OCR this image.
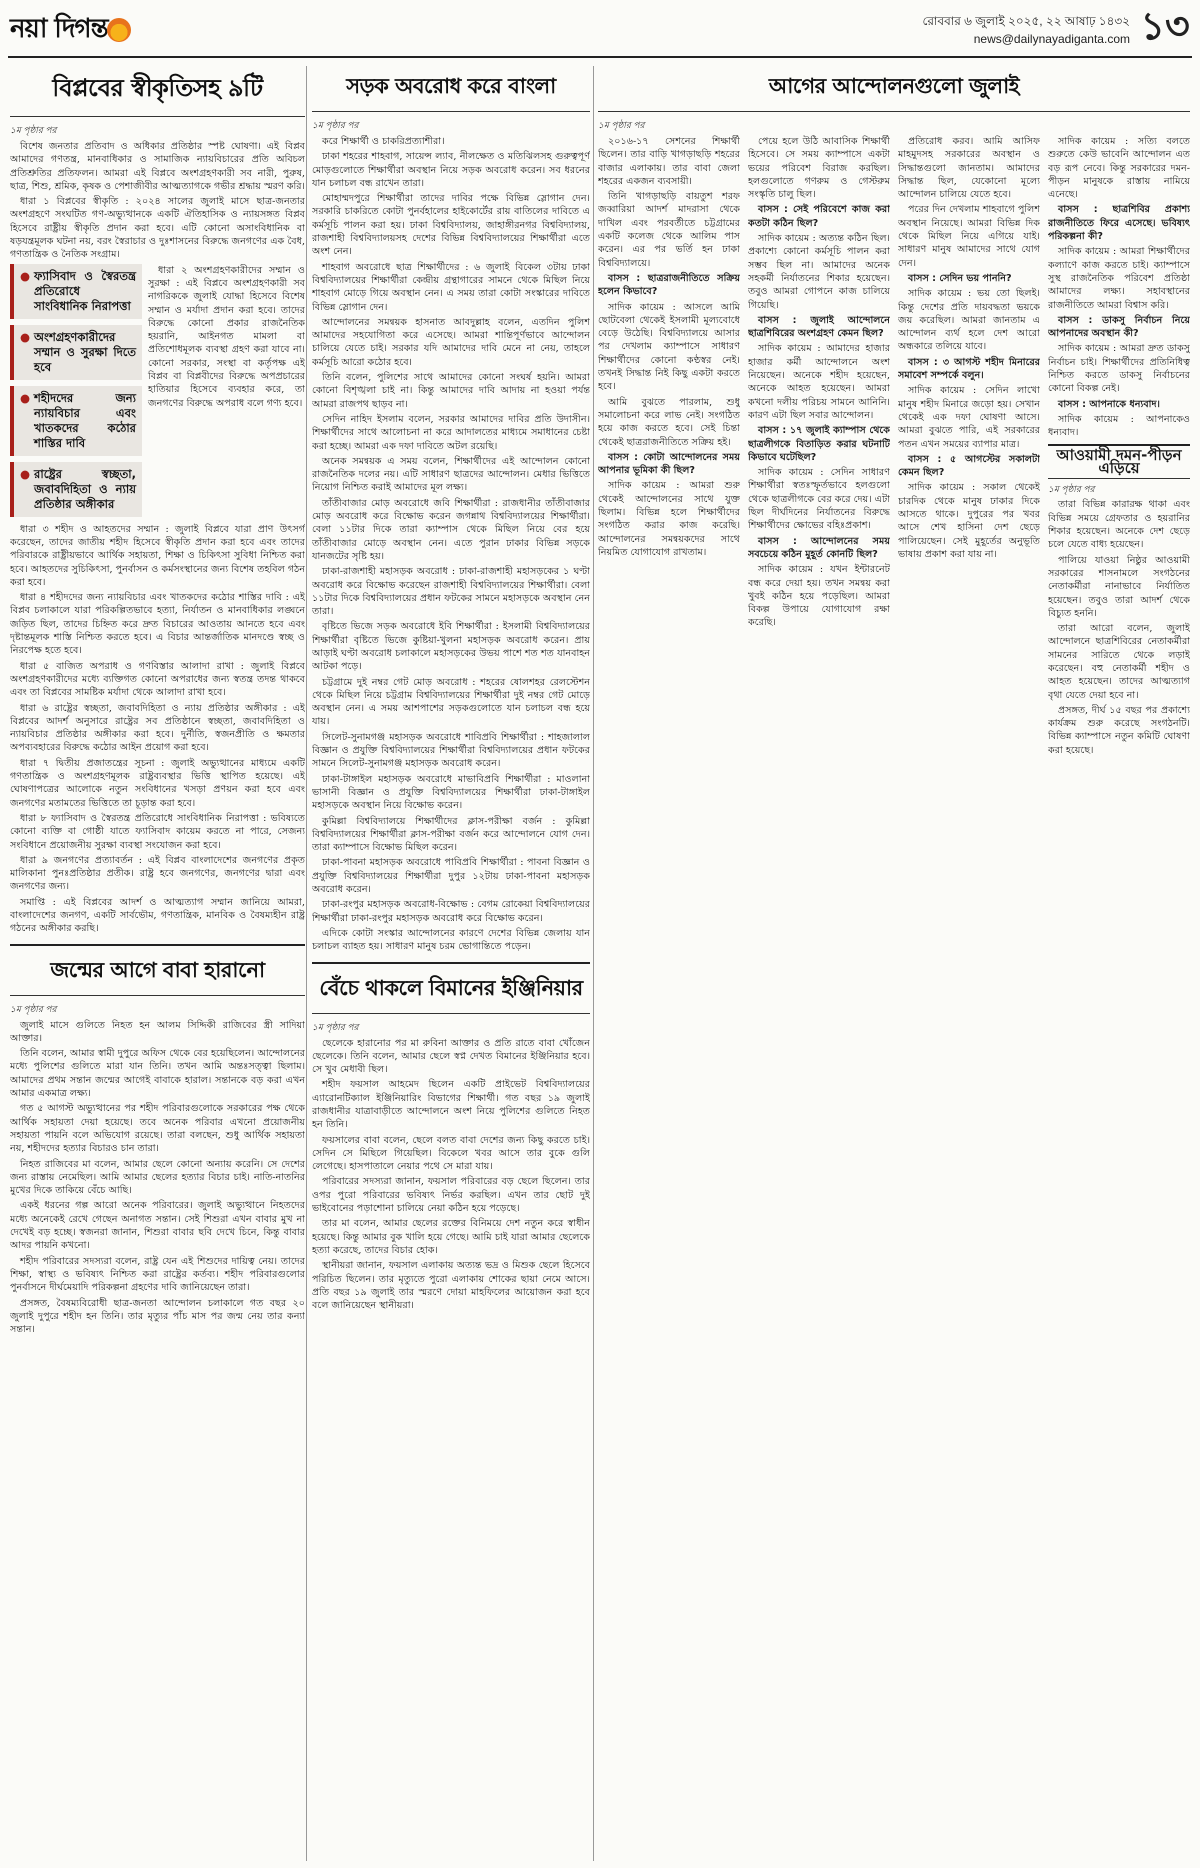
নয়া দিগন্ত	রোববার ৬ জুলাই ২০২৫, ২২ আষাঢ় ১৪৩২
news@dailynayadiganta.com ১৩
বিপ্লবের স্বীকৃতিসহ ৯টি
১ম পৃষ্ঠার পর

বিশেষ জনতার প্রতিবাদ ও অধিকার প্রতিষ্ঠার স্পষ্ট ঘোষণা। এই বিপ্লব আমাদের গণতন্ত্র, মানবাধিকার ও সামাজিক ন্যায়বিচারের প্রতি অবিচল প্রতিশ্রুতির প্রতিফলন। আমরা এই বিপ্লবে অংশগ্রহণকারী সব নারী, পুরুষ, ছাত্র, শিশু, শ্রমিক, কৃষক ও পেশাজীবীর আত্মত্যাগকে গভীর শ্রদ্ধায় স্মরণ করি।

ধারা ১ বিপ্লবের স্বীকৃতি : ২০২৪ সালের জুলাই মাসে ছাত্র-জনতার অংশগ্রহণে সংঘটিত গণ-অভ্যুত্থানকে একটি ঐতিহাসিক ও ন্যায়সঙ্গত বিপ্লব হিসেবে রাষ্ট্রীয় স্বীকৃতি প্রদান করা হবে। এটি কোনো অসাংবিধানিক বা ষড়যন্ত্রমূলক ঘটনা নয়, বরং স্বৈরাচার ও দুঃশাসনের বিরুদ্ধে জনগণের এক বৈধ, গণতান্ত্রিক ও নৈতিক সংগ্রাম।

● ফ্যাসিবাদ ও স্বৈরতন্ত্র প্রতিরোধে সাংবিধানিক নিরাপত্তা
● অংশগ্রহণকারীদের সম্মান ও সুরক্ষা দিতে হবে
● শহীদদের জন্য ন্যায়বিচার এবং খাতকদের কঠোর শাস্তির দাবি
● রাষ্ট্রের স্বচ্ছতা, জবাবদিহিতা ও ন্যায় প্রতিষ্ঠার অঙ্গীকার

ধারা ২ অংশগ্রহণকারীদের সম্মান ও সুরক্ষা : এই বিপ্লবে অংশগ্রহণকারী সব নাগরিককে জুলাই যোদ্ধা হিসেবে বিশেষ সম্মান ও মর্যাদা প্রদান করা হবে। তাদের বিরুদ্ধে কোনো প্রকার রাজনৈতিক হয়রানি, আইনগত মামলা বা প্রতিশোধমূলক ব্যবস্থা গ্রহণ করা যাবে না। কোনো সরকার, সংস্থা বা কর্তৃপক্ষ এই বিপ্লব বা বিপ্লবীদের বিরুদ্ধে অপপ্রচারের হাতিয়ার হিসেবে ব্যবহার করে, তা জনগণের বিরুদ্ধে অপরাধ বলে গণ্য হবে।

ধারা ৩ শহীদ ও আহতদের সম্মান : জুলাই বিপ্লবে যারা প্রাণ উৎসর্গ করেছেন, তাদের জাতীয় শহীদ হিসেবে স্বীকৃতি প্রদান করা হবে এবং তাদের পরিবারকে রাষ্ট্রীয়ভাবে আর্থিক সহায়তা, শিক্ষা ও চিকিৎসা সুবিধা নিশ্চিত করা হবে। আহতদের সুচিকিৎসা, পুনর্বাসন ও কর্মসংস্থানের জন্য বিশেষ তহবিল গঠন করা হবে।

ধারা ৪ শহীদদের জন্য ন্যায়বিচার এবং খাতকদের কঠোর শাস্তির দাবি : এই বিপ্লব চলাকালে যারা পরিকল্পিতভাবে হত্যা, নির্যাতন ও মানবাধিকার লঙ্ঘনে জড়িত ছিল, তাদের চিহ্নিত করে দ্রুত বিচারের আওতায় আনতে হবে এবং দৃষ্টান্তমূলক শাস্তি নিশ্চিত করতে হবে। এ বিচার আন্তর্জাতিক মানদণ্ডে স্বচ্ছ ও নিরপেক্ষ হতে হবে।

ধারা ৫ বাজিত অপরাধ ও গণবিস্তার আলাদা রাখা : জুলাই বিপ্লবে অংশগ্রহণকারীদের মধ্যে ব্যক্তিগত কোনো অপরাধের জন্য স্বতন্ত্র তদন্ত থাকবে এবং তা বিপ্লবের সামষ্টিক মর্যাদা থেকে আলাদা রাখা হবে।

ধারা ৬ রাষ্ট্রের স্বচ্ছতা, জবাবদিহিতা ও ন্যায় প্রতিষ্ঠার অঙ্গীকার : এই বিপ্লবের আদর্শ অনুসারে রাষ্ট্রের সব প্রতিষ্ঠানে স্বচ্ছতা, জবাবদিহিতা ও ন্যায়বিচার প্রতিষ্ঠার অঙ্গীকার করা হবে। দুর্নীতি, স্বজনপ্রীতি ও ক্ষমতার অপব্যবহারের বিরুদ্ধে কঠোর আইন প্রয়োগ করা হবে।

ধারা ৭ দ্বিতীয় প্রজাতন্ত্রের সূচনা : জুলাই অভ্যুত্থানের মাধ্যমে একটি গণতান্ত্রিক ও অংশগ্রহণমূলক রাষ্ট্রব্যবস্থার ভিত্তি স্থাপিত হয়েছে। এই ঘোষণাপত্রের আলোকে নতুন সংবিধানের খসড়া প্রণয়ন করা হবে এবং জনগণের মতামতের ভিত্তিতে তা চূড়ান্ত করা হবে।

ধারা ৮ ফ্যাসিবাদ ও স্বৈরতন্ত্র প্রতিরোধে সাংবিধানিক নিরাপত্তা : ভবিষ্যতে কোনো ব্যক্তি বা গোষ্ঠী যাতে ফ্যাসিবাদ কায়েম করতে না পারে, সেজন্য সংবিধানে প্রয়োজনীয় সুরক্ষা ব্যবস্থা সংযোজন করা হবে।

ধারা ৯ জনগণের প্রত্যাবর্তন : এই বিপ্লব বাংলাদেশের জনগণের প্রকৃত মালিকানা পুনঃপ্রতিষ্ঠার প্রতীক। রাষ্ট্র হবে জনগণের, জনগণের দ্বারা এবং জনগণের জন্য।

সমাপ্তি : এই বিপ্লবের আদর্শ ও আত্মত্যাগ সম্মান জানিয়ে আমরা, বাংলাদেশের জনগণ, একটি সার্বভৌম, গণতান্ত্রিক, মানবিক ও বৈষম্যহীন রাষ্ট্র গঠনের অঙ্গীকার করছি।

জন্মের আগে বাবা হারানো
১ম পৃষ্ঠার পর

জুলাই মাসে গুলিতে নিহত হন আলম সিদ্দিকী রাজিবের স্ত্রী সাদিয়া আক্তার।

তিনি বলেন, আমার স্বামী দুপুরে অফিস থেকে বের হয়েছিলেন। আন্দোলনের মধ্যে পুলিশের গুলিতে মারা যান তিনি। তখন আমি অন্তঃসত্ত্বা ছিলাম। আমাদের প্রথম সন্তান জন্মের আগেই বাবাকে হারাল। সন্তানকে বড় করা এখন আমার একমাত্র লক্ষ্য।

গত ৫ আগস্ট অভ্যুত্থানের পর শহীদ পরিবারগুলোকে সরকারের পক্ষ থেকে আর্থিক সহায়তা দেয়া হয়েছে। তবে অনেক পরিবার এখনো প্রয়োজনীয় সহায়তা পায়নি বলে অভিযোগ রয়েছে। তারা বলছেন, শুধু আর্থিক সহায়তা নয়, শহীদদের হত্যার বিচারও চান তারা।

নিহত রাজিবের মা বলেন, আমার ছেলে কোনো অন্যায় করেনি। সে দেশের জন্য রাস্তায় নেমেছিল। আমি আমার ছেলের হত্যার বিচার চাই। নাতি-নাতনির মুখের দিকে তাকিয়ে বেঁচে আছি।

একই ধরনের গল্প আরো অনেক পরিবারের। জুলাই অভ্যুত্থানে নিহতদের মধ্যে অনেকেই রেখে গেছেন অনাগত সন্তান। সেই শিশুরা এখন বাবার মুখ না দেখেই বড় হচ্ছে। স্বজনরা জানান, শিশুরা বাবার ছবি দেখে চিনে, কিন্তু বাবার আদর পায়নি কখনো।

শহীদ পরিবারের সদস্যরা বলেন, রাষ্ট্র যেন এই শিশুদের দায়িত্ব নেয়। তাদের শিক্ষা, স্বাস্থ্য ও ভবিষ্যৎ নিশ্চিত করা রাষ্ট্রের কর্তব্য। শহীদ পরিবারগুলোর পুনর্বাসনে দীর্ঘমেয়াদি পরিকল্পনা গ্রহণের দাবি জানিয়েছেন তারা।

প্রসঙ্গত, বৈষম্যবিরোধী ছাত্র-জনতা আন্দোলন চলাকালে গত বছর ২০ জুলাই দুপুরে শহীদ হন তিনি। তার মৃত্যুর পাঁচ মাস পর জন্ম নেয় তার কন্যা সন্তান।

সড়ক অবরোধ করে বাংলা
১ম পৃষ্ঠার পর

করে শিক্ষার্থী ও চাকরিপ্রত্যাশীরা।

ঢাকা শহরের শাহবাগ, সায়েন্স ল্যাব, নীলক্ষেত ও মতিঝিলসহ গুরুত্বপূর্ণ মোড়গুলোতে শিক্ষার্থীরা অবস্থান নিয়ে সড়ক অবরোধ করেন। সব ধরনের যান চলাচল বন্ধ রাখেন তারা।

মোহাম্মদপুরে শিক্ষার্থীরা তাদের দাবির পক্ষে বিভিন্ন স্লোগান দেন। সরকারি চাকরিতে কোটা পুনর্বহালের হাইকোর্টের রায় বাতিলের দাবিতে এ কর্মসূচি পালন করা হয়। ঢাকা বিশ্ববিদ্যালয়, জাহাঙ্গীরনগর বিশ্ববিদ্যালয়, রাজশাহী বিশ্ববিদ্যালয়সহ দেশের বিভিন্ন বিশ্ববিদ্যালয়ের শিক্ষার্থীরা এতে অংশ নেন।

শাহবাগ অবরোধে ছাত্র শিক্ষার্থীদের : ৬ জুলাই বিকেল ৩টায় ঢাকা বিশ্ববিদ্যালয়ের শিক্ষার্থীরা কেন্দ্রীয় গ্রন্থাগারের সামনে থেকে মিছিল নিয়ে শাহবাগ মোড়ে গিয়ে অবস্থান নেন। এ সময় তারা কোটা সংস্কারের দাবিতে বিভিন্ন স্লোগান দেন।

আন্দোলনের সমন্বয়ক হাসনাত আবদুল্লাহ বলেন, এতদিন পুলিশ আমাদের সহযোগিতা করে এসেছে। আমরা শান্তিপূর্ণভাবে আন্দোলন চালিয়ে যেতে চাই। সরকার যদি আমাদের দাবি মেনে না নেয়, তাহলে কর্মসূচি আরো কঠোর হবে।

তিনি বলেন, পুলিশের সাথে আমাদের কোনো সংঘর্ষ হয়নি। আমরা কোনো বিশৃঙ্খলা চাই না। কিন্তু আমাদের দাবি আদায় না হওয়া পর্যন্ত আমরা রাজপথ ছাড়ব না।

সেদিন নাহিদ ইসলাম বলেন, সরকার আমাদের দাবির প্রতি উদাসীন। শিক্ষার্থীদের সাথে আলোচনা না করে আদালতের মাধ্যমে সমাধানের চেষ্টা করা হচ্ছে। আমরা এক দফা দাবিতে অটল রয়েছি।

অনেক সমন্বয়ক এ সময় বলেন, শিক্ষার্থীদের এই আন্দোলন কোনো রাজনৈতিক দলের নয়। এটি সাধারণ ছাত্রদের আন্দোলন। মেধার ভিত্তিতে নিয়োগ নিশ্চিত করাই আমাদের মূল লক্ষ্য।

তাঁতীবাজার মোড় অবরোধে জবি শিক্ষার্থীরা : রাজধানীর তাঁতীবাজার মোড় অবরোধ করে বিক্ষোভ করেন জগন্নাথ বিশ্ববিদ্যালয়ের শিক্ষার্থীরা। বেলা ১১টার দিকে তারা ক্যাম্পাস থেকে মিছিল নিয়ে বের হয়ে তাঁতীবাজার মোড়ে অবস্থান নেন। এতে পুরান ঢাকার বিভিন্ন সড়কে যানজটের সৃষ্টি হয়।

ঢাকা-রাজশাহী মহাসড়ক অবরোধ : ঢাকা-রাজশাহী মহাসড়কের ১ ঘণ্টা অবরোধ করে বিক্ষোভ করেছেন রাজশাহী বিশ্ববিদ্যালয়ের শিক্ষার্থীরা। বেলা ১১টার দিকে বিশ্ববিদ্যালয়ের প্রধান ফটকের সামনে মহাসড়কে অবস্থান নেন তারা।

বৃষ্টিতে ভিজে সড়ক অবরোধে ইবি শিক্ষার্থীরা : ইসলামী বিশ্ববিদ্যালয়ের শিক্ষার্থীরা বৃষ্টিতে ভিজে কুষ্টিয়া-খুলনা মহাসড়ক অবরোধ করেন। প্রায় আড়াই ঘণ্টা অবরোধ চলাকালে মহাসড়কের উভয় পাশে শত শত যানবাহন আটকা পড়ে।

চট্টগ্রামে দুই নম্বর গেট মোড় অবরোধ : শহরের ষোলশহর রেলস্টেশন থেকে মিছিল নিয়ে চট্টগ্রাম বিশ্ববিদ্যালয়ের শিক্ষার্থীরা দুই নম্বর গেট মোড়ে অবস্থান নেন। এ সময় আশপাশের সড়কগুলোতে যান চলাচল বন্ধ হয়ে যায়।

সিলেট-সুনামগঞ্জ মহাসড়ক অবরোধে শাবিপ্রবি শিক্ষার্থীরা : শাহজালাল বিজ্ঞান ও প্রযুক্তি বিশ্ববিদ্যালয়ের শিক্ষার্থীরা বিশ্ববিদ্যালয়ের প্রধান ফটকের সামনে সিলেট-সুনামগঞ্জ মহাসড়ক অবরোধ করেন।

ঢাকা-টাঙ্গাইল মহাসড়ক অবরোধে মাভাবিপ্রবি শিক্ষার্থীরা : মাওলানা ভাসানী বিজ্ঞান ও প্রযুক্তি বিশ্ববিদ্যালয়ের শিক্ষার্থীরা ঢাকা-টাঙ্গাইল মহাসড়কে অবস্থান নিয়ে বিক্ষোভ করেন।

কুমিল্লা বিশ্ববিদ্যালয়ে শিক্ষার্থীদের ক্লাস-পরীক্ষা বর্জন : কুমিল্লা বিশ্ববিদ্যালয়ের শিক্ষার্থীরা ক্লাস-পরীক্ষা বর্জন করে আন্দোলনে যোগ দেন। তারা ক্যাম্পাসে বিক্ষোভ মিছিল করেন।

ঢাকা-পাবনা মহাসড়ক অবরোধে পাবিপ্রবি শিক্ষার্থীরা : পাবনা বিজ্ঞান ও প্রযুক্তি বিশ্ববিদ্যালয়ের শিক্ষার্থীরা দুপুর ১২টায় ঢাকা-পাবনা মহাসড়ক অবরোধ করেন।

ঢাকা-রংপুর মহাসড়ক অবরোধ-বিক্ষোভ : বেগম রোকেয়া বিশ্ববিদ্যালয়ের শিক্ষার্থীরা ঢাকা-রংপুর মহাসড়ক অবরোধ করে বিক্ষোভ করেন।

এদিকে কোটা সংস্কার আন্দোলনের কারণে দেশের বিভিন্ন জেলায় যান চলাচল ব্যাহত হয়। সাধারণ মানুষ চরম ভোগান্তিতে পড়েন।

বেঁচে থাকলে বিমানের ইঞ্জিনিয়ার
১ম পৃষ্ঠার পর

ছেলেকে হারানোর পর মা রুবিনা আক্তার ও প্রতি রাতে বাবা খোঁজেন ছেলেকে। তিনি বলেন, আমার ছেলে স্বপ্ন দেখত বিমানের ইঞ্জিনিয়ার হবে। সে খুব মেধাবী ছিল।

শহীদ ফয়সাল আহমেদ ছিলেন একটি প্রাইভেট বিশ্ববিদ্যালয়ের এ্যারোনটিক্যাল ইঞ্জিনিয়ারিং বিভাগের শিক্ষার্থী। গত বছর ১৯ জুলাই রাজধানীর যাত্রাবাড়ীতে আন্দোলনে অংশ নিয়ে পুলিশের গুলিতে নিহত হন তিনি।

ফয়সালের বাবা বলেন, ছেলে বলত বাবা দেশের জন্য কিছু করতে চাই। সেদিন সে মিছিলে গিয়েছিল। বিকেলে খবর আসে তার বুকে গুলি লেগেছে। হাসপাতালে নেয়ার পথে সে মারা যায়।

পরিবারের সদস্যরা জানান, ফয়সাল পরিবারের বড় ছেলে ছিলেন। তার ওপর পুরো পরিবারের ভবিষ্যৎ নির্ভর করছিল। এখন তার ছোট দুই ভাইবোনের পড়াশোনা চালিয়ে নেয়া কঠিন হয়ে পড়েছে।

তার মা বলেন, আমার ছেলের রক্তের বিনিময়ে দেশ নতুন করে স্বাধীন হয়েছে। কিন্তু আমার বুক খালি হয়ে গেছে। আমি চাই যারা আমার ছেলেকে হত্যা করেছে, তাদের বিচার হোক।

স্থানীয়রা জানান, ফয়সাল এলাকায় অত্যন্ত ভদ্র ও মিশুক ছেলে হিসেবে পরিচিত ছিলেন। তার মৃত্যুতে পুরো এলাকায় শোকের ছায়া নেমে আসে। প্রতি বছর ১৯ জুলাই তার স্মরণে দোয়া মাহফিলের আয়োজন করা হবে বলে জানিয়েছেন স্থানীয়রা।

আগের আন্দোলনগুলো জুলাই
১ম পৃষ্ঠার পর

২০১৬-১৭ সেশনের শিক্ষার্থী ছিলেন। তার বাড়ি খাগড়াছড়ি শহরের বাজার এলাকায়। তার বাবা জেলা শহরের একজন ব্যবসায়ী।

তিনি খাগড়াছড়ি বায়তুশ শরফ জব্বারিয়া আদর্শ মাদরাসা থেকে দাখিল এবং পরবর্তীতে চট্টগ্রামের একটি কলেজ থেকে আলিম পাস করেন। এর পর ভর্তি হন ঢাকা বিশ্ববিদ্যালয়ে।

বাসস : ছাত্ররাজনীতিতে সক্রিয় হলেন কিভাবে?

সাদিক কায়েম : আসলে আমি ছোটবেলা থেকেই ইসলামী মূল্যবোধে বেড়ে উঠেছি। বিশ্ববিদ্যালয়ে আসার পর দেখলাম ক্যাম্পাসে সাধারণ শিক্ষার্থীদের কোনো কণ্ঠস্বর নেই। তখনই সিদ্ধান্ত নিই কিছু একটা করতে হবে।

আমি বুঝতে পারলাম, শুধু সমালোচনা করে লাভ নেই। সংগঠিত হয়ে কাজ করতে হবে। সেই চিন্তা থেকেই ছাত্ররাজনীতিতে সক্রিয় হই।

বাসস : কোটা আন্দোলনের সময় আপনার ভূমিকা কী ছিল?

সাদিক কায়েম : আমরা শুরু থেকেই আন্দোলনের সাথে যুক্ত ছিলাম। বিভিন্ন হলে শিক্ষার্থীদের সংগঠিত করার কাজ করেছি। আন্দোলনের সমন্বয়কদের সাথে নিয়মিত যোগাযোগ রাখতাম।

পেয়ে হলে উঠি আবাসিক শিক্ষার্থী হিসেবে। সে সময় ক্যাম্পাসে একটা ভয়ের পরিবেশ বিরাজ করছিল। হলগুলোতে গণরুম ও গেস্টরুম সংস্কৃতি চালু ছিল।

বাসস : সেই পরিবেশে কাজ করা কতটা কঠিন ছিল?

সাদিক কায়েম : অত্যন্ত কঠিন ছিল। প্রকাশ্যে কোনো কর্মসূচি পালন করা সম্ভব ছিল না। আমাদের অনেক সহকর্মী নির্যাতনের শিকার হয়েছেন। তবুও আমরা গোপনে কাজ চালিয়ে গিয়েছি।

বাসস : জুলাই আন্দোলনে ছাত্রশিবিরের অংশগ্রহণ কেমন ছিল?

সাদিক কায়েম : আমাদের হাজার হাজার কর্মী আন্দোলনে অংশ নিয়েছেন। অনেকে শহীদ হয়েছেন, অনেকে আহত হয়েছেন। আমরা কখনো দলীয় পরিচয় সামনে আনিনি। কারণ এটা ছিল সবার আন্দোলন।

বাসস : ১৭ জুলাই ক্যাম্পাস থেকে ছাত্রলীগকে বিতাড়িত করার ঘটনাটি কিভাবে ঘটেছিল?

সাদিক কায়েম : সেদিন সাধারণ শিক্ষার্থীরা স্বতঃস্ফূর্তভাবে হলগুলো থেকে ছাত্রলীগকে বের করে দেয়। এটা ছিল দীর্ঘদিনের নির্যাতনের বিরুদ্ধে শিক্ষার্থীদের ক্ষোভের বহিঃপ্রকাশ।

বাসস : আন্দোলনের সময় সবচেয়ে কঠিন মুহূর্ত কোনটি ছিল?

সাদিক কায়েম : যখন ইন্টারনেট বন্ধ করে দেয়া হয়। তখন সমন্বয় করা খুবই কঠিন হয়ে পড়েছিল। আমরা বিকল্প উপায়ে যোগাযোগ রক্ষা করেছি।

প্রতিরোধ করব। আমি আসিফ মাহমুদসহ সরকারের অবস্থান ও সিদ্ধান্তগুলো জানতাম। আমাদের সিদ্ধান্ত ছিল, যেকোনো মূল্যে আন্দোলন চালিয়ে যেতে হবে।

পরের দিন দেখলাম শাহবাগে পুলিশ অবস্থান নিয়েছে। আমরা বিভিন্ন দিক থেকে মিছিল নিয়ে এগিয়ে যাই। সাধারণ মানুষ আমাদের সাথে যোগ দেন।

বাসস : সেদিন ভয় পাননি?

সাদিক কায়েম : ভয় তো ছিলই। কিন্তু দেশের প্রতি দায়বদ্ধতা ভয়কে জয় করেছিল। আমরা জানতাম এ আন্দোলন ব্যর্থ হলে দেশ আরো অন্ধকারে তলিয়ে যাবে।

বাসস : ৩ আগস্ট শহীদ মিনারের সমাবেশ সম্পর্কে বলুন।

সাদিক কায়েম : সেদিন লাখো মানুষ শহীদ মিনারে জড়ো হয়। সেখান থেকেই এক দফা ঘোষণা আসে। আমরা বুঝতে পারি, এই সরকারের পতন এখন সময়ের ব্যাপার মাত্র।

বাসস : ৫ আগস্টের সকালটা কেমন ছিল?

সাদিক কায়েম : সকাল থেকেই চারদিক থেকে মানুষ ঢাকার দিকে আসতে থাকে। দুপুরের পর খবর আসে শেখ হাসিনা দেশ ছেড়ে পালিয়েছেন। সেই মুহূর্তের অনুভূতি ভাষায় প্রকাশ করা যায় না।

সাদিক কায়েম : সত্যি বলতে শুরুতে কেউ ভাবেনি আন্দোলন এত বড় রূপ নেবে। কিন্তু সরকারের দমন-পীড়ন মানুষকে রাস্তায় নামিয়ে এনেছে।

বাসস : ছাত্রশিবির প্রকাশ্য রাজনীতিতে ফিরে এসেছে। ভবিষ্যৎ পরিকল্পনা কী?

সাদিক কায়েম : আমরা শিক্ষার্থীদের কল্যাণে কাজ করতে চাই। ক্যাম্পাসে সুস্থ রাজনৈতিক পরিবেশ প্রতিষ্ঠা আমাদের লক্ষ্য। সহাবস্থানের রাজনীতিতে আমরা বিশ্বাস করি।

বাসস : ডাকসু নির্বাচন নিয়ে আপনাদের অবস্থান কী?

সাদিক কায়েম : আমরা দ্রুত ডাকসু নির্বাচন চাই। শিক্ষার্থীদের প্রতিনিধিত্ব নিশ্চিত করতে ডাকসু নির্বাচনের কোনো বিকল্প নেই।

বাসস : আপনাকে ধন্যবাদ।

সাদিক কায়েম : আপনাকেও ধন্যবাদ।

আওয়ামী দমন-পীড়ন এড়িয়ে
১ম পৃষ্ঠার পর

তারা বিভিন্ন কারারক্ষ থাকা এবং বিভিন্ন সময়ে গ্রেফতার ও হয়রানির শিকার হয়েছেন। অনেকে দেশ ছেড়ে চলে যেতে বাধ্য হয়েছেন।

পালিয়ে যাওয়া নিষ্ঠুর আওয়ামী সরকারের শাসনামলে সংগঠনের নেতাকর্মীরা নানাভাবে নির্যাতিত হয়েছেন। তবুও তারা আদর্শ থেকে বিচ্যুত হননি।

তারা আরো বলেন, জুলাই আন্দোলনে ছাত্রশিবিরের নেতাকর্মীরা সামনের সারিতে থেকে লড়াই করেছেন। বহু নেতাকর্মী শহীদ ও আহত হয়েছেন। তাদের আত্মত্যাগ বৃথা যেতে দেয়া হবে না।

প্রসঙ্গত, দীর্ঘ ১৫ বছর পর প্রকাশ্যে কার্যক্রম শুরু করেছে সংগঠনটি। বিভিন্ন ক্যাম্পাসে নতুন কমিটি ঘোষণা করা হয়েছে।
